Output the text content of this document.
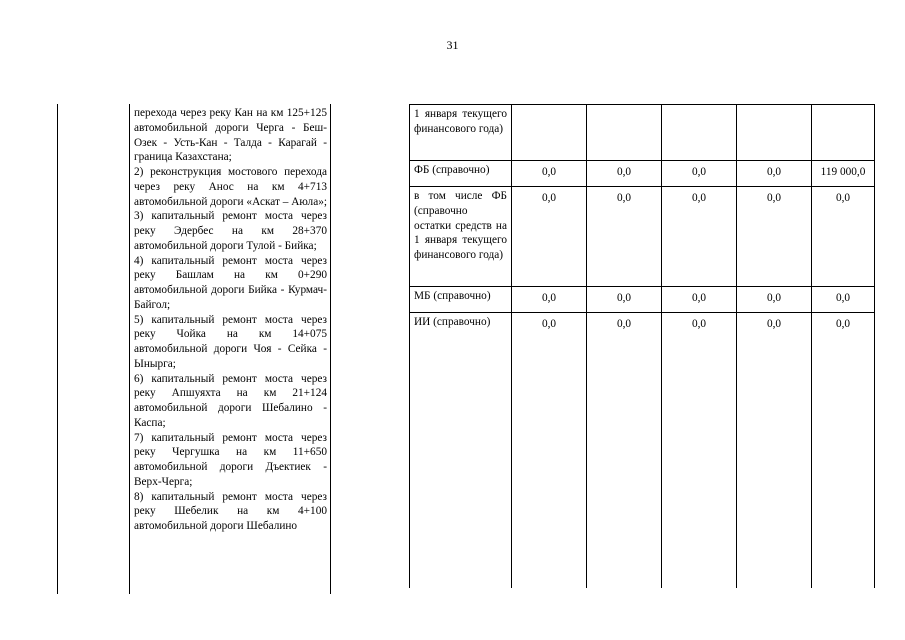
31
перехода через реку Кан на км 125+125 автомобильной дороги Черга - Беш-Озек - Усть-Кан - Талда - Карагай - граница Казахстана;
2) реконструкция мостового перехода через реку Анос на км 4+713 автомобильной дороги «Аскат – Аюла»;
3) капитальный ремонт моста через реку Эдербес на км 28+370 автомобильной дороги Тулой - Бийка;
4) капитальный ремонт моста через реку Башлам на км 0+290 автомобильной дороги Бийка - Курмач-Байгол;
5) капитальный ремонт моста через реку Чойка на км 14+075 автомобильной дороги Чоя - Сейка - Ынырга;
6) капитальный ремонт моста через реку Апшуяхта на км 21+124 автомобильной дороги Шебалино - Каспа;
7) капитальный ремонт моста через реку Чергушка на км 11+650 автомобильной дороги Дъектиек - Верх-Черга;
8) капитальный ремонт моста через реку Шебелик на км 4+100 автомобильной дороги Шебалино
1 января текущего финансового года)					
ФБ (справочно)	0,0	0,0	0,0	0,0	119 000,0
в том числе ФБ (справочно остатки средств на 1 января текущего финансового года)	0,0	0,0	0,0	0,0	0,0
МБ (справочно)	0,0	0,0	0,0	0,0	0,0
ИИ (справочно)	0,0	0,0	0,0	0,0	0,0
